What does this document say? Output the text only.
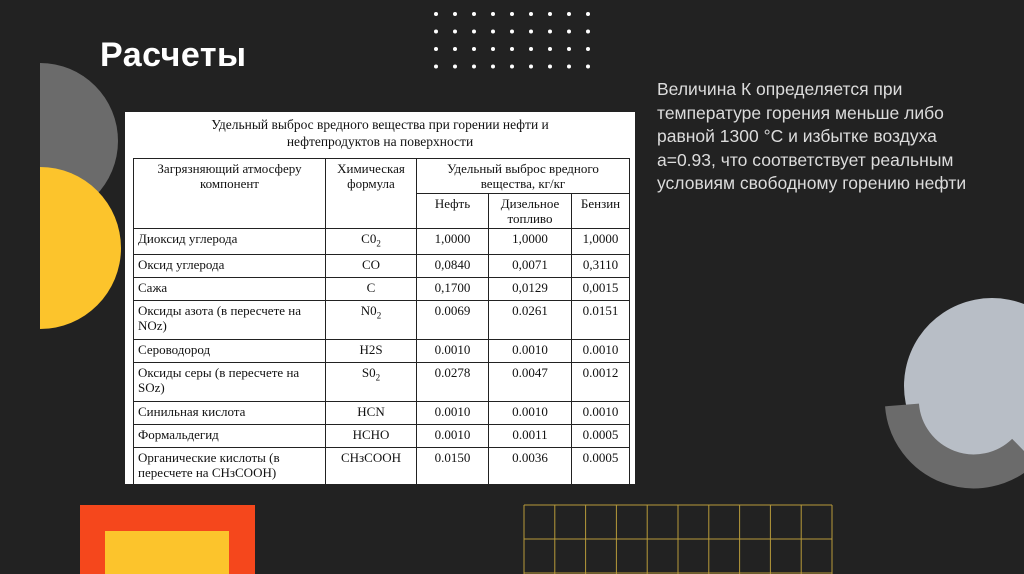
Расчеты
Величина К определяется при температуре горения меньше либо равной 1300 °С и избытке воздуха а=0.93, что соответствует реальным условиям свободному горению нефти
Удельный выброс вредного вещества при горении нефти и
нефтепродуктов на поверхности
Загрязняющий атмосферу компонент	Химическая формула	Удельный выброс вредного вещества, кг/кг		
		Нефть	Дизельное топливо	Бензин
Диоксид углерода	$C0_2$	1,0000	1,0000	1,0000
Оксид углерода	CO	0,0840	0,0071	0,3110
Сажа	C	0,1700	0,0129	0,0015
Оксиды азота (в пересчете на NOz)	$N0_2$	0.0069	0.0261	0.0151
Сероводород	H2S	0.0010	0.0010	0.0010
Оксиды серы (в пересчете на SOz)	$S0_2$	0.0278	0.0047	0.0012
Синильная кислота	HCN	0.0010	0.0010	0.0010
Формальдегид	HCHO	0.0010	0.0011	0.0005
Органические кислоты (в пересчете на CHзCOOH)	CHзCOOH	0.0150	0.0036	0.0005
